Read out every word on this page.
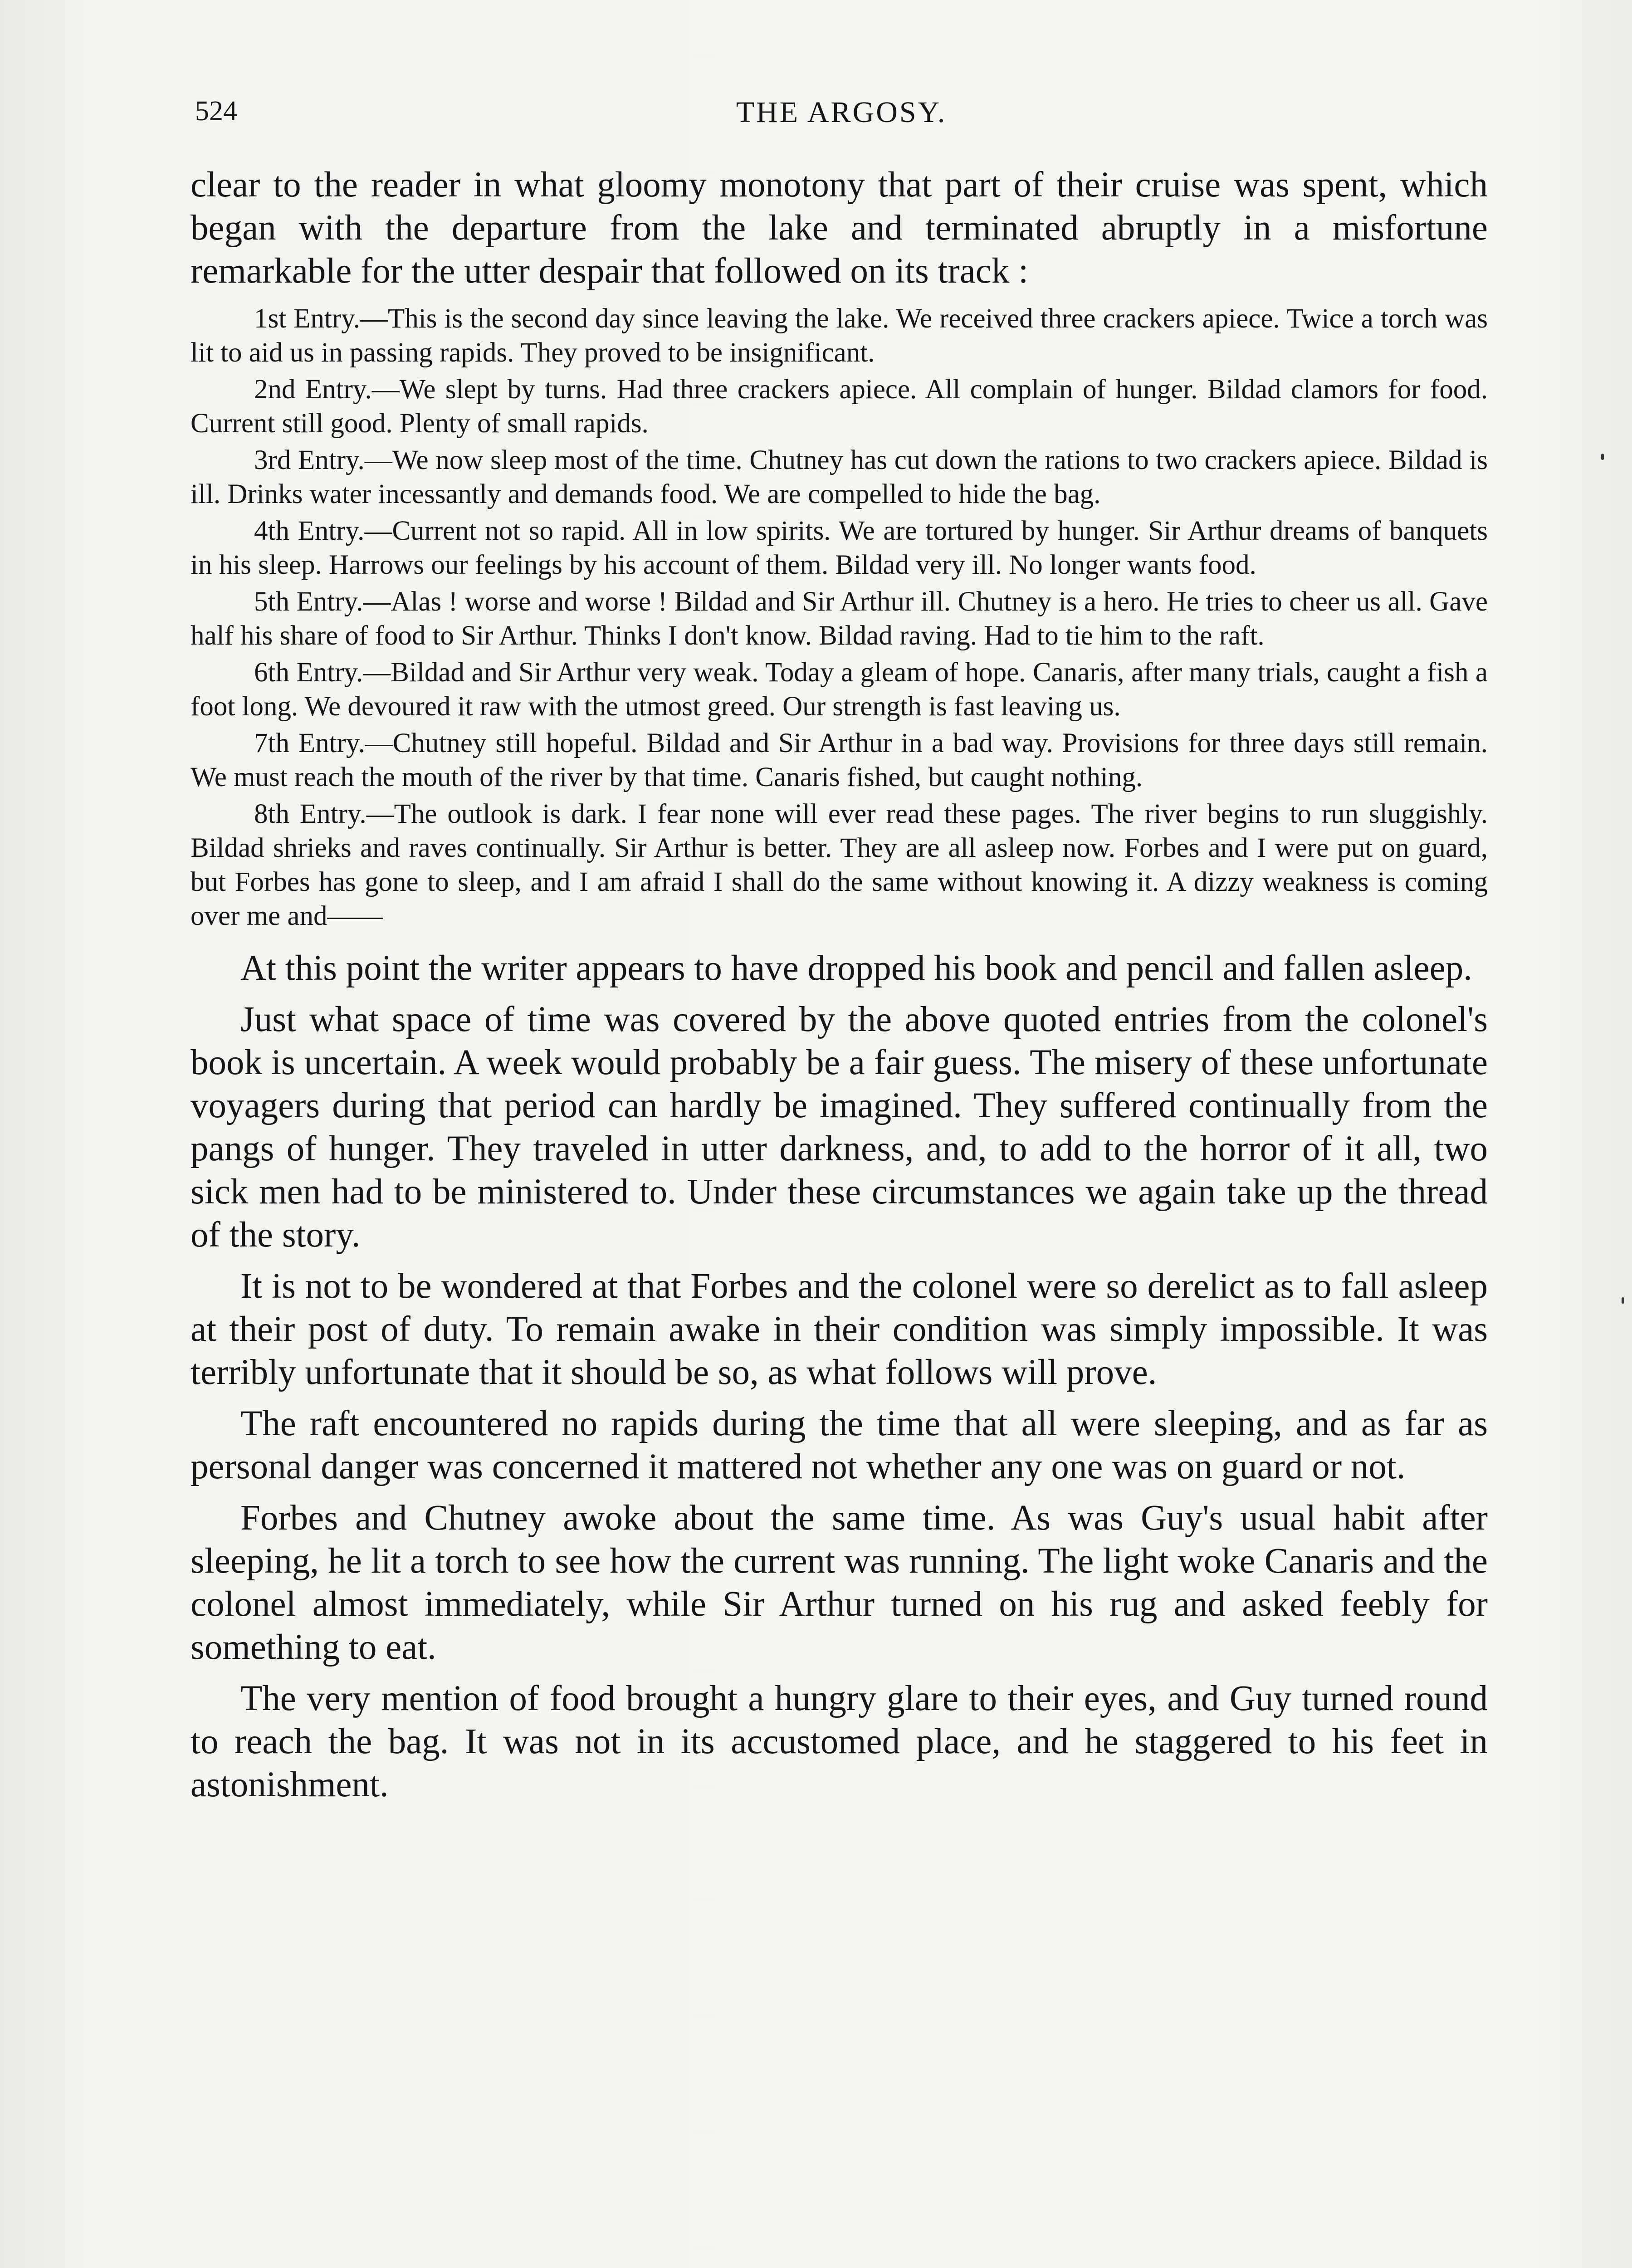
524	THE ARGOSY.

clear to the reader in what gloomy monotony that part of their cruise was spent, which began with the departure from the lake and terminated abruptly in a misfortune remarkable for the utter despair that followed on its track :

1st Entry.—This is the second day since leaving the lake. We received three crackers apiece. Twice a torch was lit to aid us in passing rapids. They proved to be insignificant.

2nd Entry.—We slept by turns. Had three crackers apiece. All complain of hunger. Bildad clamors for food. Current still good. Plenty of small rapids.

3rd Entry.—We now sleep most of the time. Chutney has cut down the rations to two crackers apiece. Bildad is ill. Drinks water incessantly and demands food. We are compelled to hide the bag.

4th Entry.—Current not so rapid. All in low spirits. We are tortured by hunger. Sir Arthur dreams of banquets in his sleep. Harrows our feelings by his account of them. Bildad very ill. No longer wants food.

5th Entry.—Alas ! worse and worse ! Bildad and Sir Arthur ill. Chutney is a hero. He tries to cheer us all. Gave half his share of food to Sir Arthur. Thinks I don't know. Bildad raving. Had to tie him to the raft.

6th Entry.—Bildad and Sir Arthur very weak. Today a gleam of hope. Canaris, after many trials, caught a fish a foot long. We devoured it raw with the utmost greed. Our strength is fast leaving us.

7th Entry.—Chutney still hopeful. Bildad and Sir Arthur in a bad way. Provisions for three days still remain. We must reach the mouth of the river by that time. Canaris fished, but caught nothing.

8th Entry.—The outlook is dark. I fear none will ever read these pages. The river begins to run sluggishly. Bildad shrieks and raves continually. Sir Arthur is better. They are all asleep now. Forbes and I were put on guard, but Forbes has gone to sleep, and I am afraid I shall do the same without knowing it. A dizzy weakness is coming over me and——

At this point the writer appears to have dropped his book and pencil and fallen asleep.

Just what space of time was covered by the above quoted entries from the colonel's book is uncertain. A week would probably be a fair guess. The misery of these unfortunate voyagers during that period can hardly be imagined. They suffered continually from the pangs of hunger. They traveled in utter darkness, and, to add to the horror of it all, two sick men had to be ministered to. Under these circumstances we again take up the thread of the story.

It is not to be wondered at that Forbes and the colonel were so derelict as to fall asleep at their post of duty. To remain awake in their condition was simply impossible. It was terribly unfortunate that it should be so, as what follows will prove.

The raft encountered no rapids during the time that all were sleeping, and as far as personal danger was concerned it mattered not whether any one was on guard or not.

Forbes and Chutney awoke about the same time. As was Guy's usual habit after sleeping, he lit a torch to see how the current was running. The light woke Canaris and the colonel almost immediately, while Sir Arthur turned on his rug and asked feebly for something to eat.

The very mention of food brought a hungry glare to their eyes, and Guy turned round to reach the bag. It was not in its accustomed place, and he staggered to his feet in astonishment.
